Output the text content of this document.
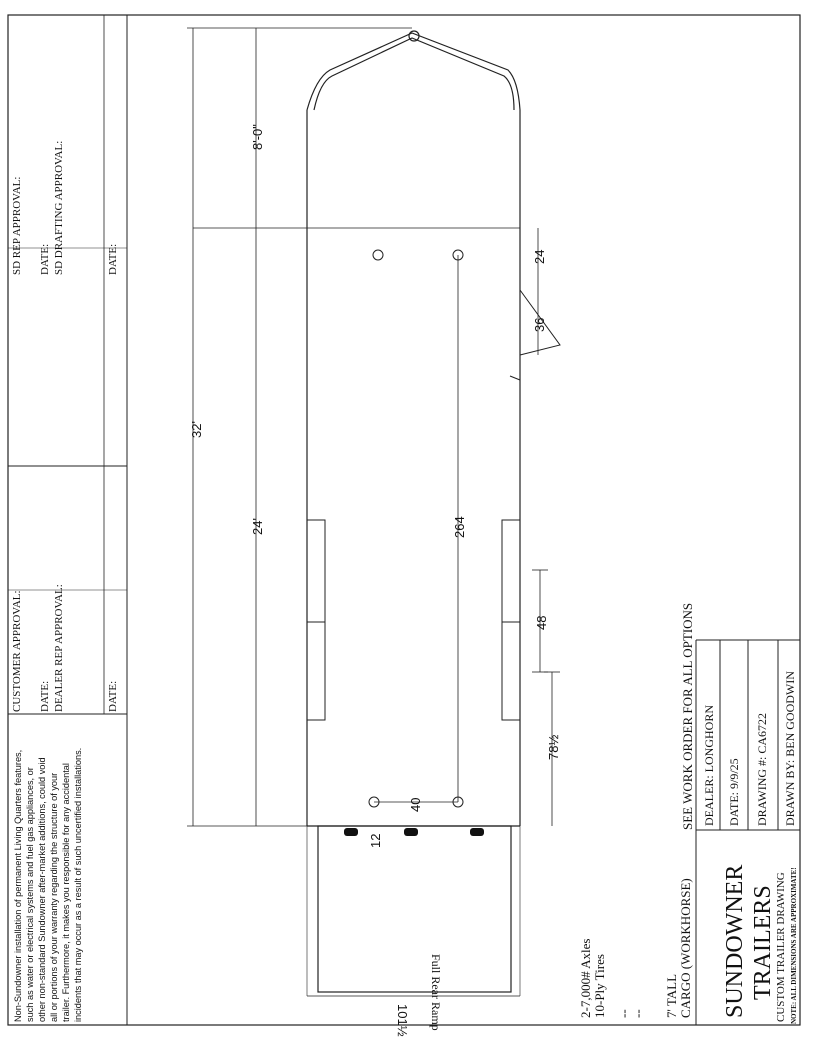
Non-Sundowner installation of permanent Living Quarters features, such as water or electrical systems and fuel gas appliances, or other non-standard Sundowner after-market additions, could void all or portions of your warranty regarding the structure of your trailer. Furthermore, it makes you responsible for any accidental incidents that may occur as a result of such uncertified installations.
CUSTOMER APPROVAL: DATE: DEALER REP APPROVAL:	DATE:
SD REP APPROVAL: DATE: SD DRAFTING APPROVAL:	DATE:
Full Rear Ramp
32'
8'-0"
24'	264
36
24
48
78½
40
12
101½
2-7,000# Axles 10-Ply Tires -- -- 7' TALL CARGO (WORKHORSE)
SEE WORK ORDER FOR ALL OPTIONS
SUNDOWNER TRAILERS CUSTOM TRAILER DRAWING NOTE: ALL DIMENSIONS ARE APPROXIMATE!
DEALER: LONGHORN DATE: 9/9/25 DRAWING #: CA6722 DRAWN BY: BEN GOODWIN
